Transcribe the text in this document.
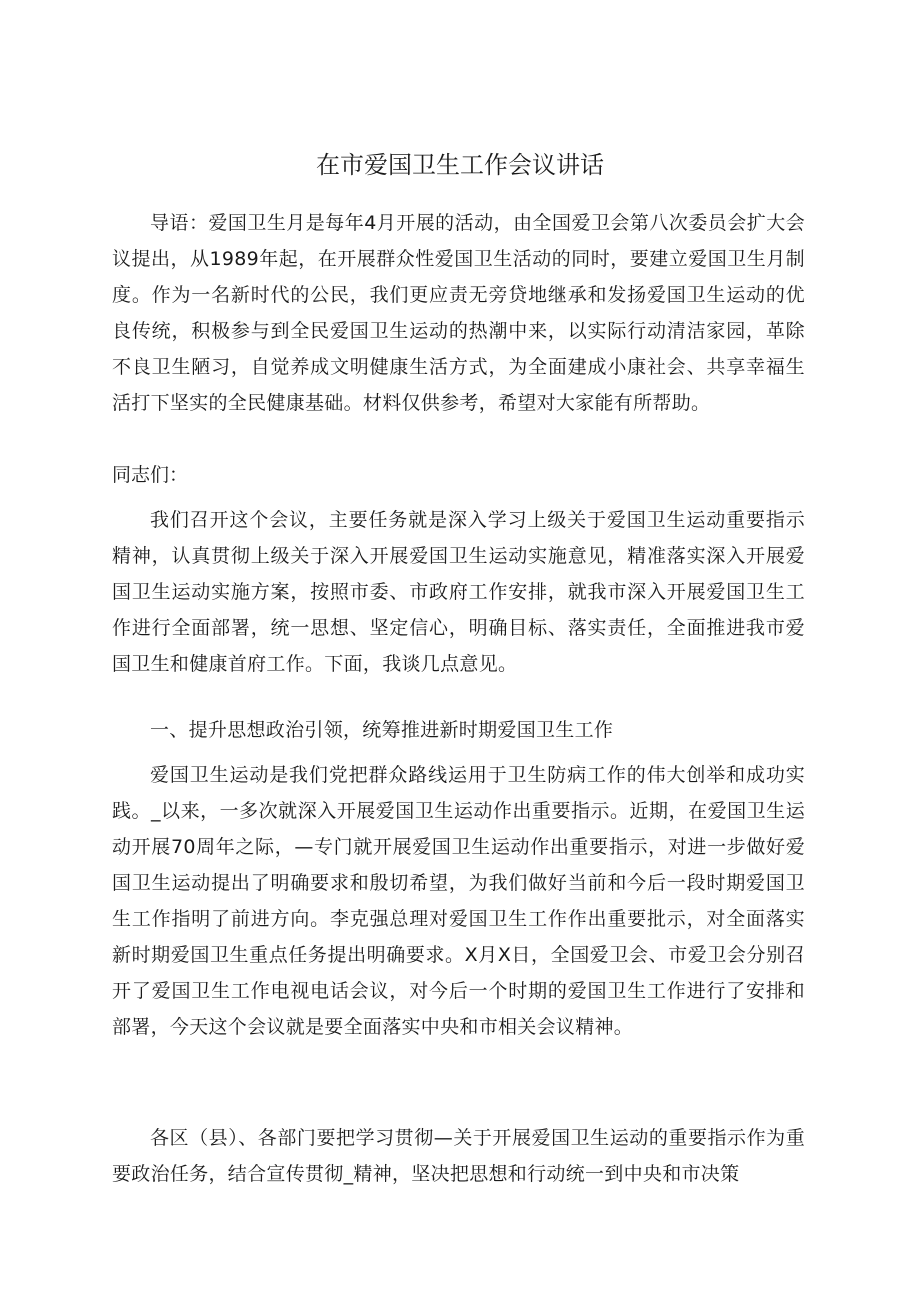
在市爱国卫生工作会议讲话
导语：爱国卫生月是每年4月开展的活动，由全国爱卫会第八次委员会扩大会议提出，从1989年起，在开展群众性爱国卫生活动的同时，要建立爱国卫生月制度。作为一名新时代的公民，我们更应责无旁贷地继承和发扬爱国卫生运动的优良传统，积极参与到全民爱国卫生运动的热潮中来，以实际行动清洁家园，革除不良卫生陋习，自觉养成文明健康生活方式，为全面建成小康社会、共享幸福生活打下坚实的全民健康基础。材料仅供参考，希望对大家能有所帮助。
同志们：
我们召开这个会议，主要任务就是深入学习上级关于爱国卫生运动重要指示精神，认真贯彻上级关于深入开展爱国卫生运动实施意见，精准落实深入开展爱国卫生运动实施方案，按照市委、市政府工作安排，就我市深入开展爱国卫生工作进行全面部署，统一思想、坚定信心，明确目标、落实责任，全面推进我市爱国卫生和健康首府工作。下面，我谈几点意见。
一、提升思想政治引领，统筹推进新时期爱国卫生工作
爱国卫生运动是我们党把群众路线运用于卫生防病工作的伟大创举和成功实践。_以来，一多次就深入开展爱国卫生运动作出重要指示。近期，在爱国卫生运动开展70周年之际，—专门就开展爱国卫生运动作出重要指示，对进一步做好爱国卫生运动提出了明确要求和殷切希望，为我们做好当前和今后一段时期爱国卫生工作指明了前进方向。李克强总理对爱国卫生工作作出重要批示，对全面落实新时期爱国卫生重点任务提出明确要求。X月X日，全国爱卫会、市爱卫会分别召开了爱国卫生工作电视电话会议，对今后一个时期的爱国卫生工作进行了安排和部署，今天这个会议就是要全面落实中央和市相关会议精神。
各区（县）、各部门要把学习贯彻—关于开展爱国卫生运动的重要指示作为重要政治任务，结合宣传贯彻_精神，坚决把思想和行动统一到中央和市决策
